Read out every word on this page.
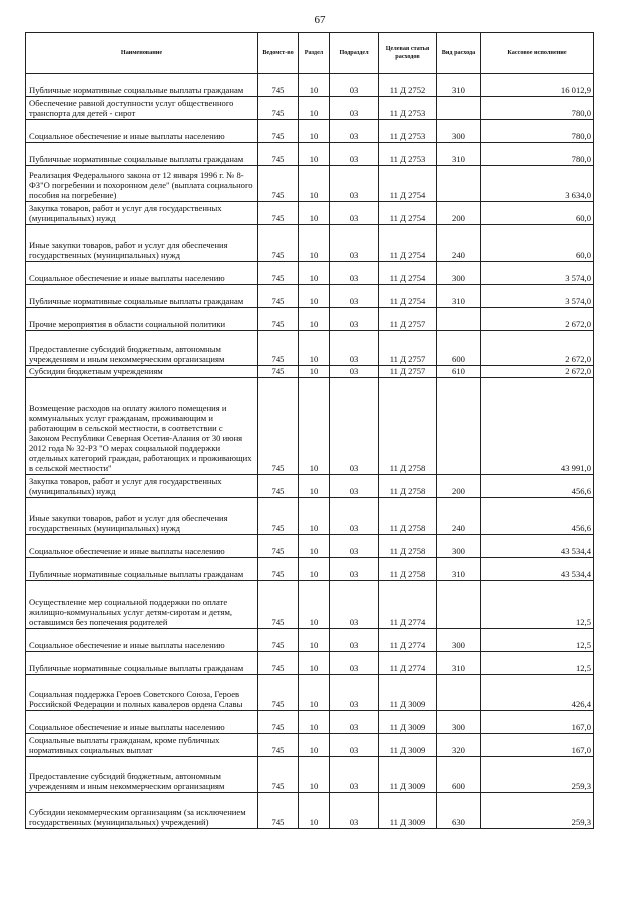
67
Наименование	Ведомст-во	Раздел	Подраздел	Целевая статья расходов	Вид расхода	Кассовое исполнение
Публичные нормативные социальные выплаты гражданам	745	10	03	11 Д 2752	310	16 012,9
Обеспечение равной доступности услуг общественного транспорта для детей - сирот	745	10	03	11 Д 2753		780,0
Социальное обеспечение и иные выплаты населению	745	10	03	11 Д 2753	300	780,0
Публичные нормативные социальные выплаты гражданам	745	10	03	11 Д 2753	310	780,0
Реализация Федерального закона от 12 января 1996 г. № 8-ФЗ"О погребении и похоронном деле" (выплата социального пособия на погребение)	745	10	03	11 Д 2754		3 634,0
Закупка товаров, работ и услуг для государственных (муниципальных) нужд	745	10	03	11 Д 2754	200	60,0
Иные закупки товаров, работ и услуг для обеспечения государственных (муниципальных) нужд	745	10	03	11 Д 2754	240	60,0
Социальное обеспечение и иные выплаты населению	745	10	03	11 Д 2754	300	3 574,0
Публичные нормативные социальные выплаты гражданам	745	10	03	11 Д 2754	310	3 574,0
Прочие мероприятия в области социальной политики	745	10	03	11 Д 2757		2 672,0
Предоставление субсидий бюджетным, автономным учреждениям и иным некоммерческим организациям	745	10	03	11 Д 2757	600	2 672,0
Субсидии бюджетным учреждениям	745	10	03	11 Д 2757	610	2 672,0
Возмещение расходов на оплату жилого помещения и коммунальных услуг гражданам, проживающим и работающим в сельской местности, в соответствии с Законом Республики Северная Осетия-Алания от 30 июня 2012 года № 32-РЗ "О мерах социальной поддержки отдельных категорий граждан, работающих и проживающих в сельской местности"	745	10	03	11 Д 2758		43 991,0
Закупка товаров, работ и услуг для государственных (муниципальных) нужд	745	10	03	11 Д 2758	200	456,6
Иные закупки товаров, работ и услуг для обеспечения государственных (муниципальных) нужд	745	10	03	11 Д 2758	240	456,6
Социальное обеспечение и иные выплаты населению	745	10	03	11 Д 2758	300	43 534,4
Публичные нормативные социальные выплаты гражданам	745	10	03	11 Д 2758	310	43 534,4
Осуществление мер социальной поддержки по оплате жилищно-коммунальных услуг детям-сиротам и детям, оставшимся без попечения родителей	745	10	03	11 Д 2774		12,5
Социальное обеспечение и иные выплаты населению	745	10	03	11 Д 2774	300	12,5
Публичные нормативные социальные выплаты гражданам	745	10	03	11 Д 2774	310	12,5
Социальная поддержка Героев Советского Союза, Героев Российской Федерации и полных кавалеров ордена Славы	745	10	03	11 Д 3009		426,4
Социальное обеспечение и иные выплаты населению	745	10	03	11 Д 3009	300	167,0
Социальные выплаты гражданам, кроме публичных нормативных социальных выплат	745	10	03	11 Д 3009	320	167,0
Предоставление субсидий бюджетным, автономным учреждениям и иным некоммерческим организациям	745	10	03	11 Д 3009	600	259,3
Субсидии некоммерческим организациям (за исключением государственных (муниципальных) учреждений)	745	10	03	11 Д 3009	630	259,3
